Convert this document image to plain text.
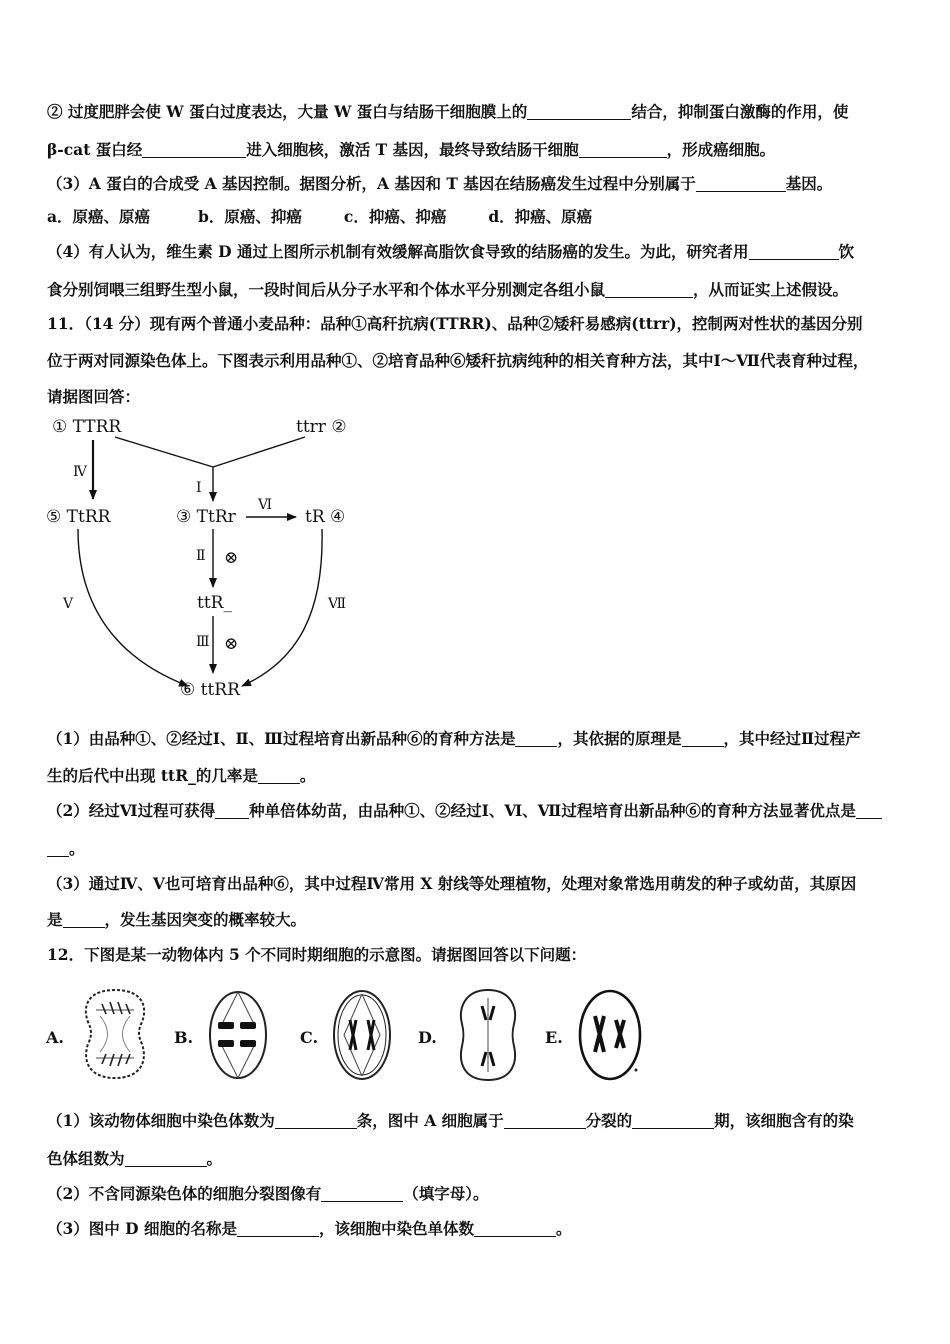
② 过度肥胖会使 W 蛋白过度表达，大量 W 蛋白与结肠干细胞膜上的	结合，抑制蛋白激酶的作用，使
β-cat 蛋白经	进入细胞核，激活 T 基因，最终导致结肠干细胞	，形成癌细胞。
（3）A 蛋白的合成受 A 基因控制。据图分析，A 基因和 T 基因在结肠癌发生过程中分别属于	基因。
a．原癌、原癌	b．原癌、抑癌	c．抑癌、抑癌	d．抑癌、原癌
（4）有人认为，维生素 D 通过上图所示机制有效缓解高脂饮食导致的结肠癌的发生。为此，研究者用	饮
食分别饲喂三组野生型小鼠，一段时间后从分子水平和个体水平分别测定各组小鼠	，从而证实上述假设。
11．（14 分）现有两个普通小麦品种：品种①高秆抗病(TTRR)、品种②矮秆易感病(ttrr)，控制两对性状的基因分别
位于两对同源染色体上。下图表示利用品种①、②培育品种⑥矮秆抗病纯种的相关育种方法，其中Ⅰ～Ⅶ代表育种过程，
请据图回答：
① TTRR	ttrr ②
Ⅰ
Ⅳ
⑤ TtRR	③ TtRr	tR ④
Ⅵ
Ⅱ ⊗
ttR_
Ⅲ ⊗
⑥ ttRR
Ⅴ	Ⅶ
（1）由品种①、②经过Ⅰ、Ⅱ、Ⅲ过程培育出新品种⑥的育种方法是	，其依据的原理是	，其中经过Ⅱ过程产
生的后代中出现 ttR_的几率是	。
（2）经过Ⅵ过程可获得 种单倍体幼苗，由品种①、②经过Ⅰ、Ⅵ、Ⅶ过程培育出新品种⑥的育种方法显著优点是
。
（3）通过Ⅳ、Ⅴ也可培育出品种⑥，其中过程Ⅳ常用 X 射线等处理植物，处理对象常选用萌发的种子或幼苗，其原因
是	，发生基因突变的概率较大。
12．下图是某一动物体内 5 个不同时期细胞的示意图。请据图回答以下问题：
A.	B.	C.	D.	E.
（1）该动物体细胞中染色体数为	条，图中 A 细胞属于	分裂的	期，该细胞含有的染
色体组数为	。
（2）不含同源染色体的细胞分裂图像有	（填字母）。
（3）图中 D 细胞的名称是	，该细胞中染色单体数	。
